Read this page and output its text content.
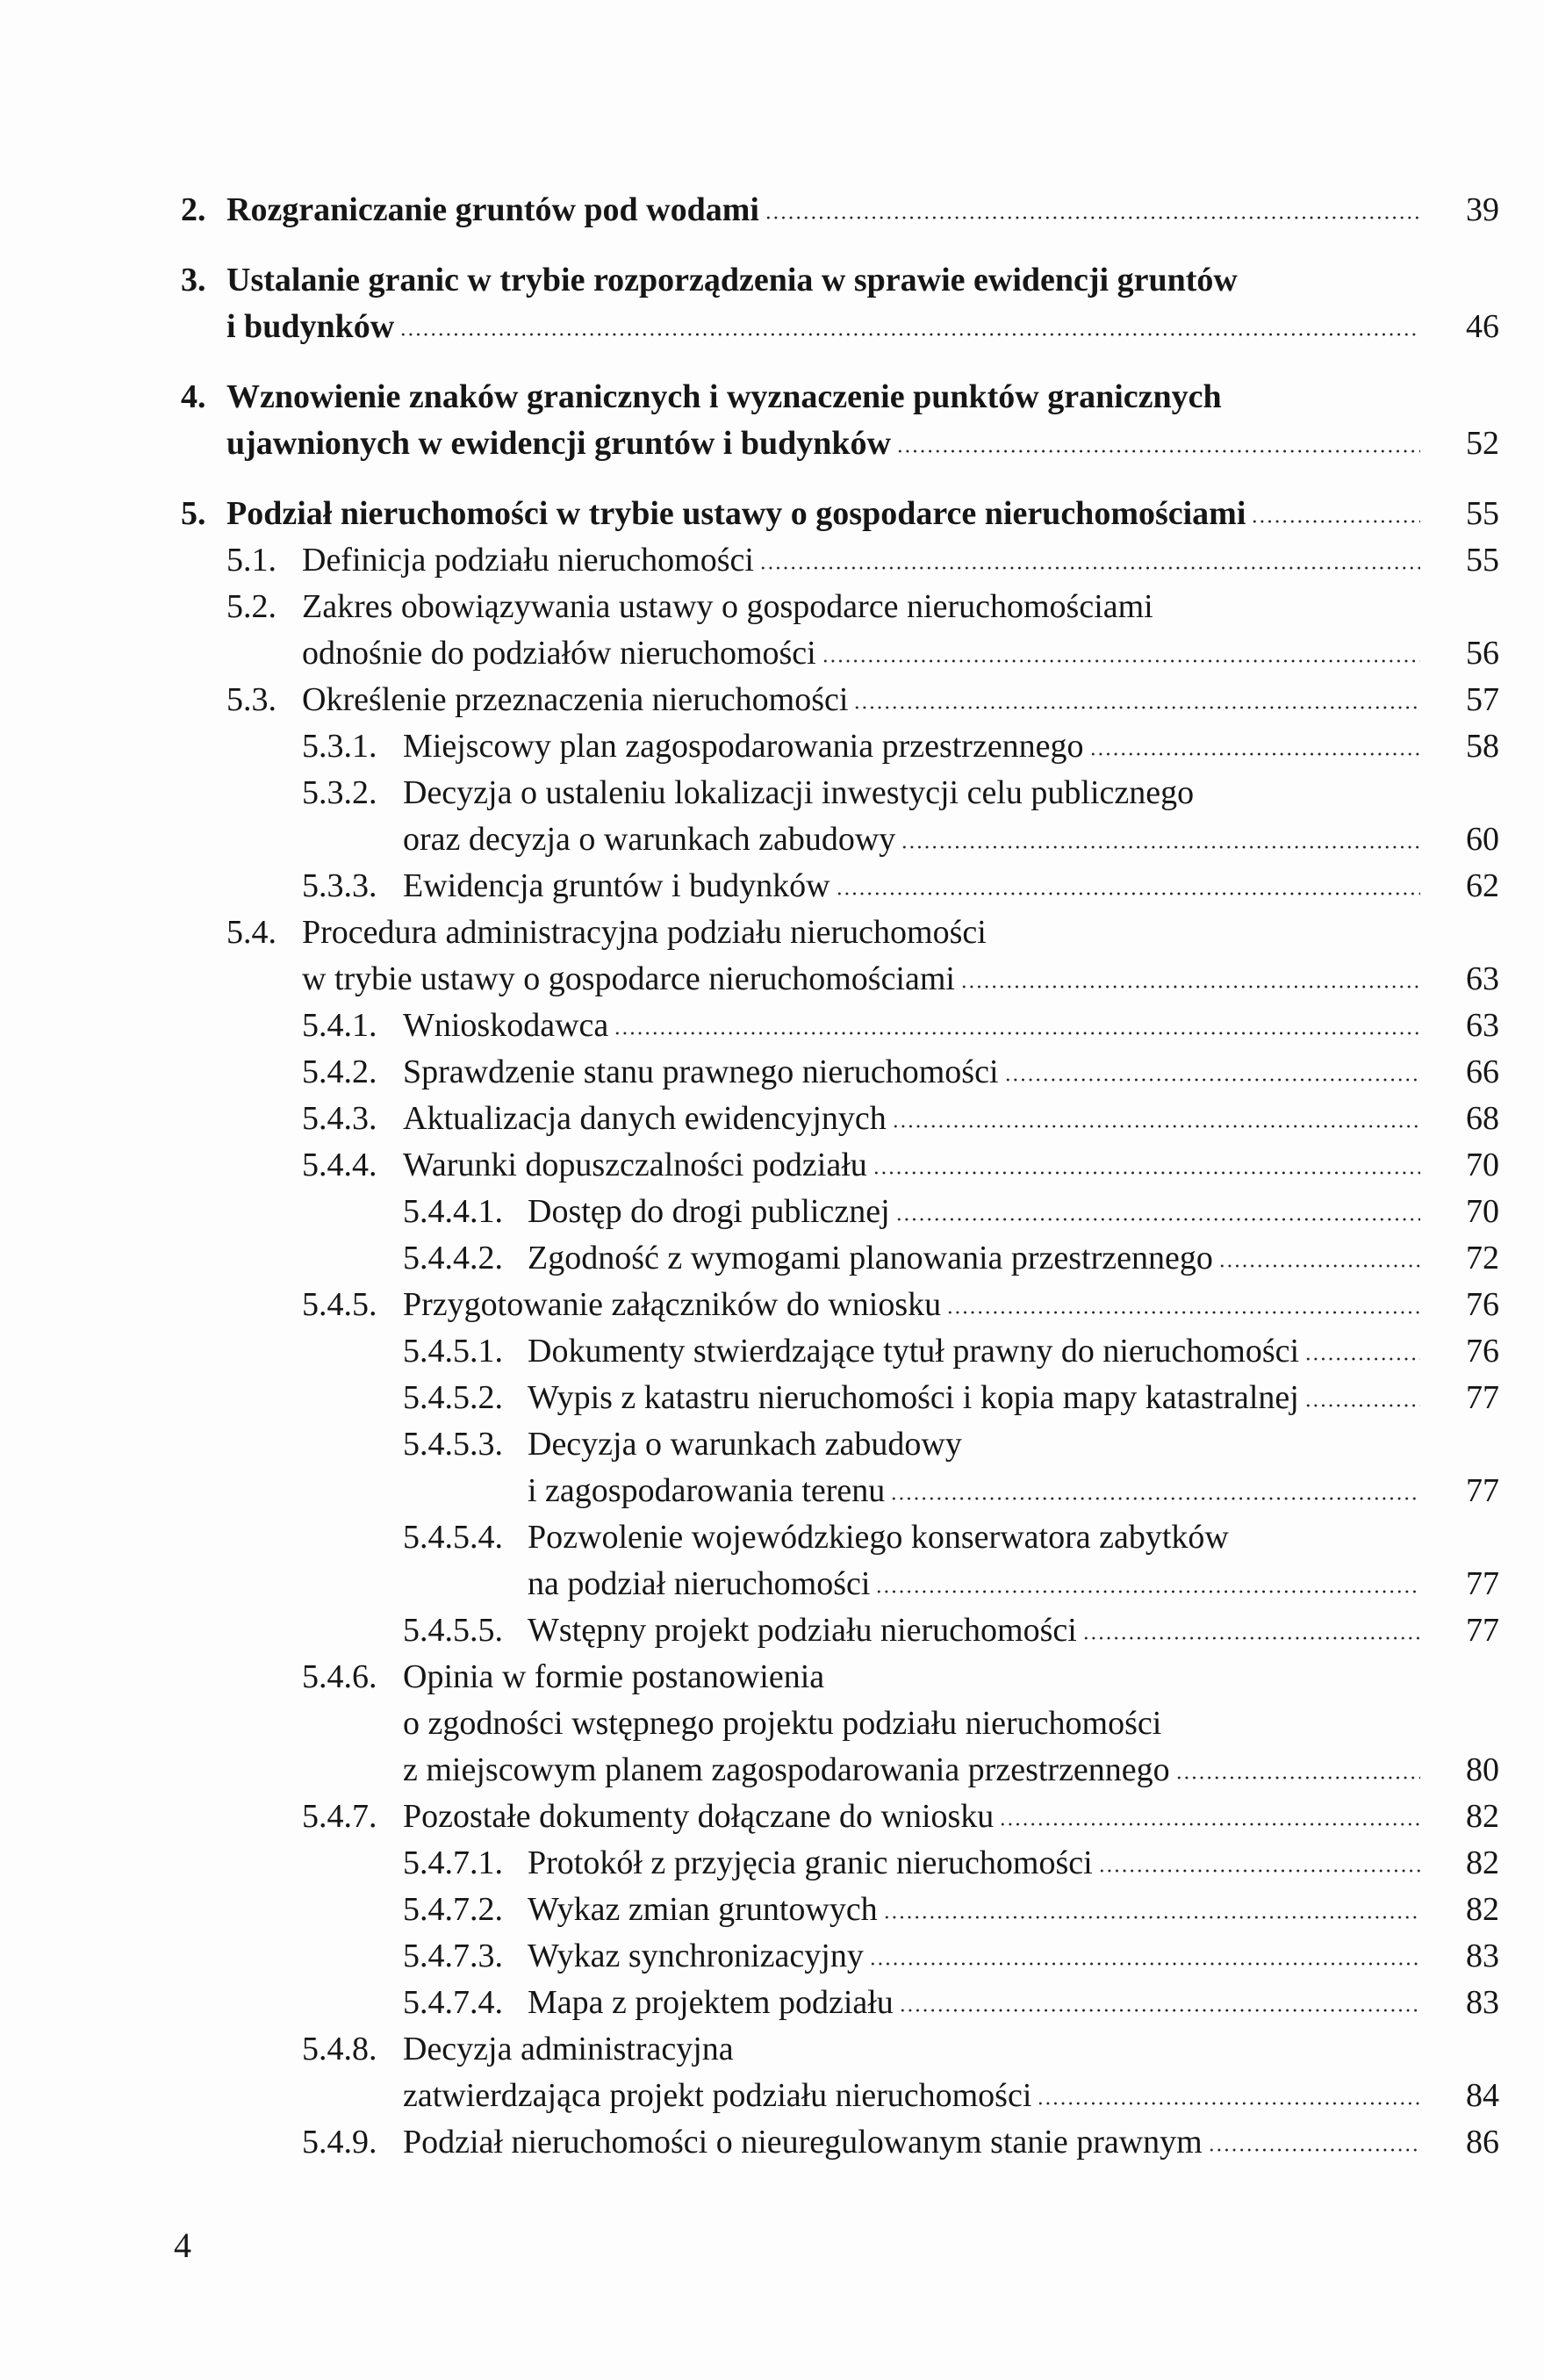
2. Rozgraniczanie gruntów pod wodami	39
3. Ustalanie granic w trybie rozporządzenia w sprawie ewidencji gruntów
i budynków	46
4. Wznowienie znaków granicznych i wyznaczenie punktów granicznych
ujawnionych w ewidencji gruntów i budynków	52
5. Podział nieruchomości w trybie ustawy o gospodarce nieruchomościami	55
5.1. Definicja podziału nieruchomości	55
5.2. Zakres obowiązywania ustawy o gospodarce nieruchomościami
odnośnie do podziałów nieruchomości	56
5.3. Określenie przeznaczenia nieruchomości	57
5.3.1. Miejscowy plan zagospodarowania przestrzennego	58
5.3.2. Decyzja o ustaleniu lokalizacji inwestycji celu publicznego
oraz decyzja o warunkach zabudowy	60
5.3.3. Ewidencja gruntów i budynków	62
5.4. Procedura administracyjna podziału nieruchomości
w trybie ustawy o gospodarce nieruchomościami	63
5.4.1. Wnioskodawca	63
5.4.2. Sprawdzenie stanu prawnego nieruchomości	66
5.4.3. Aktualizacja danych ewidencyjnych	68
5.4.4. Warunki dopuszczalności podziału	70
5.4.4.1. Dostęp do drogi publicznej	70
5.4.4.2. Zgodność z wymogami planowania przestrzennego	72
5.4.5. Przygotowanie załączników do wniosku	76
5.4.5.1. Dokumenty stwierdzające tytuł prawny do nieruchomości	76
5.4.5.2. Wypis z katastru nieruchomości i kopia mapy katastralnej	77
5.4.5.3. Decyzja o warunkach zabudowy
i zagospodarowania terenu	77
5.4.5.4. Pozwolenie wojewódzkiego konserwatora zabytków
na podział nieruchomości	77
5.4.5.5. Wstępny projekt podziału nieruchomości	77
5.4.6. Opinia w formie postanowienia
o zgodności wstępnego projektu podziału nieruchomości
z miejscowym planem zagospodarowania przestrzennego	80
5.4.7. Pozostałe dokumenty dołączane do wniosku	82
5.4.7.1. Protokół z przyjęcia granic nieruchomości	82
5.4.7.2. Wykaz zmian gruntowych	82
5.4.7.3. Wykaz synchronizacyjny	83
5.4.7.4. Mapa z projektem podziału	83
5.4.8. Decyzja administracyjna
zatwierdzająca projekt podziału nieruchomości	84
5.4.9. Podział nieruchomości o nieuregulowanym stanie prawnym	86
4
